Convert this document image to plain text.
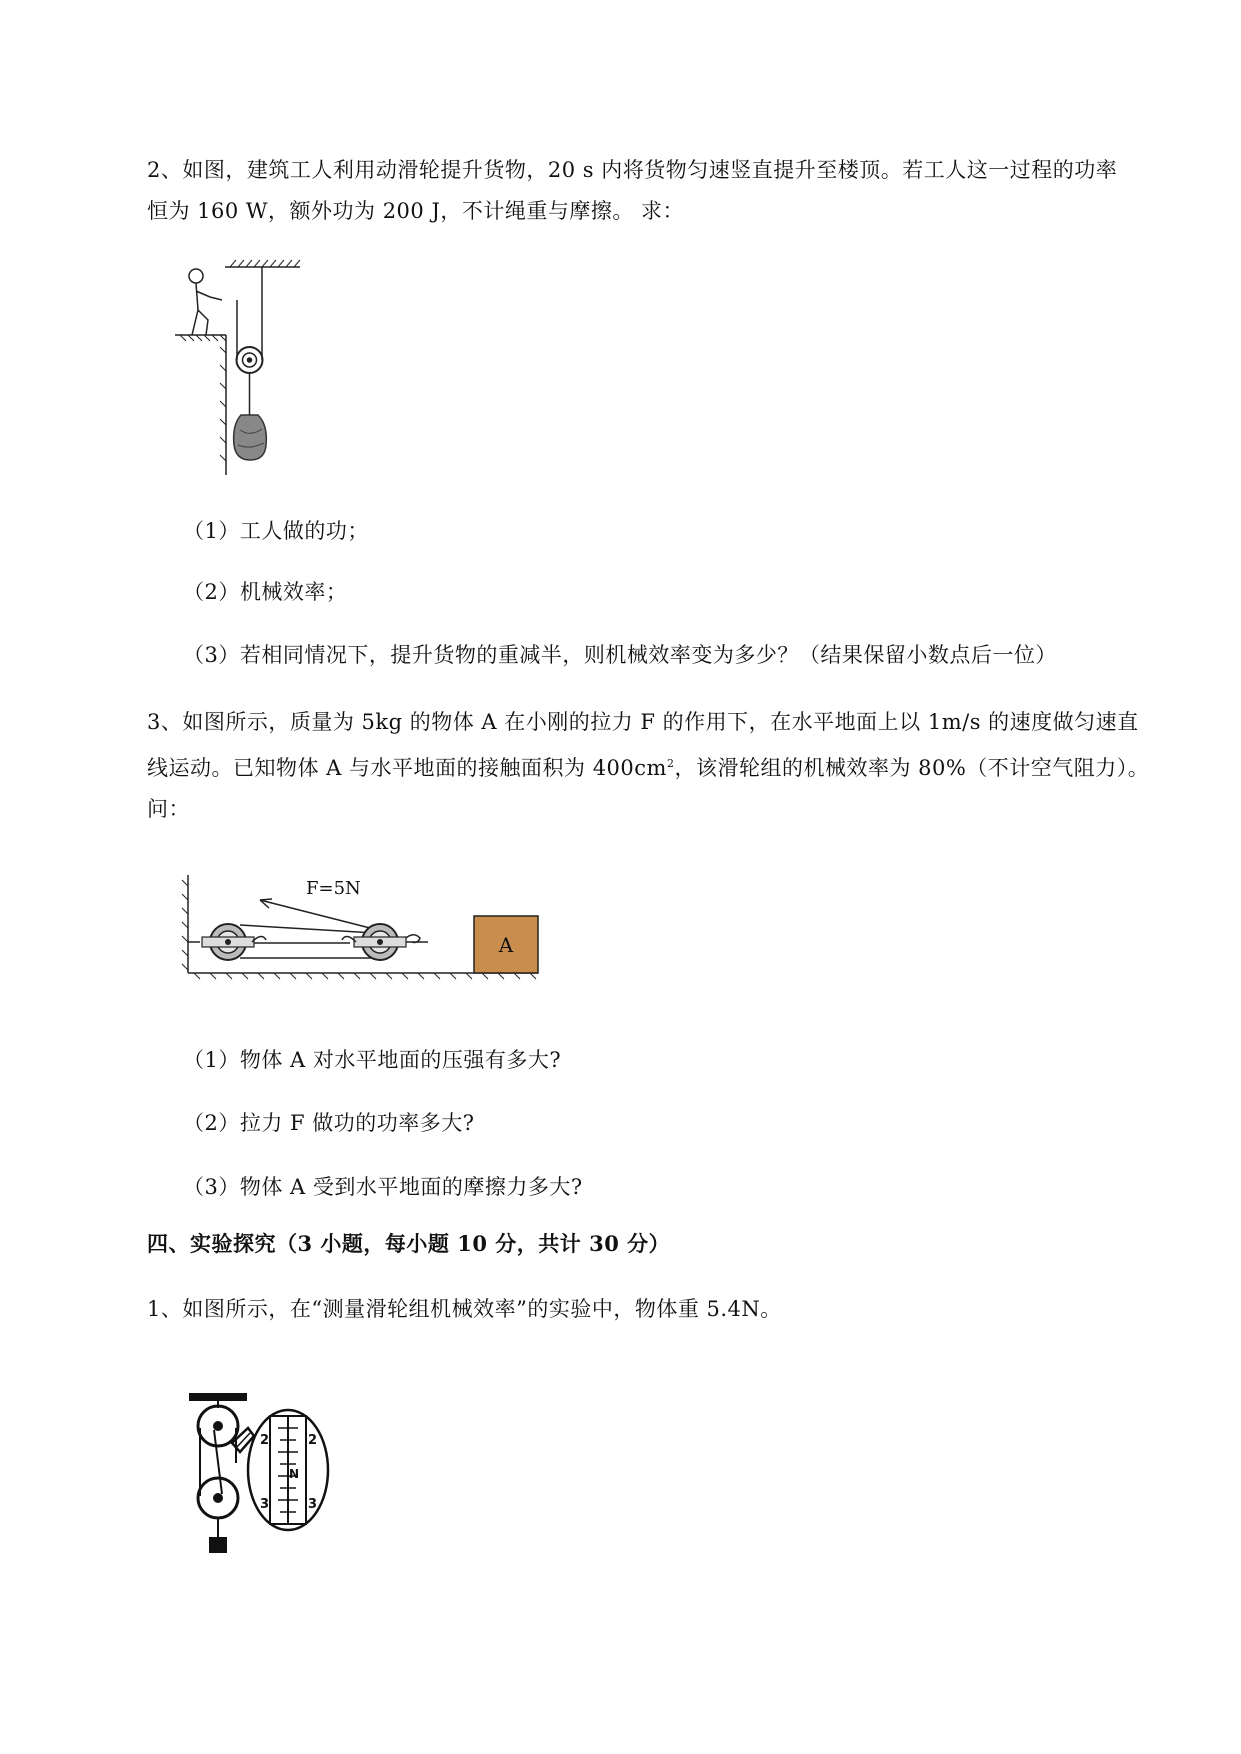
2、如图，建筑工人利用动滑轮提升货物，20 s 内将货物匀速竖直提升至楼顶。若工人这一过程的功率
恒为 160 W，额外功为 200 J，不计绳重与摩擦。 求：
（1）工人做的功；
（2）机械效率；
（3）若相同情况下，提升货物的重减半，则机械效率变为多少？（结果保留小数点后一位）
3、如图所示，质量为 5kg 的物体 A 在小刚的拉力 F 的作用下，在水平地面上以 1m/s 的速度做匀速直
线运动。已知物体 A 与水平地面的接触面积为 $400cm^2$，该滑轮组的机械效率为 80%（不计空气阻力）。
问：
A
F=5N
（1）物体 A 对水平地面的压强有多大?
（2）拉力 F 做功的功率多大?
（3）物体 A 受到水平地面的摩擦力多大?
四、实验探究（3 小题，每小题 10 分，共计 30 分）
1、如图所示，在“测量滑轮组机械效率”的实验中，物体重 5.4N。
2	2
N
3	3
